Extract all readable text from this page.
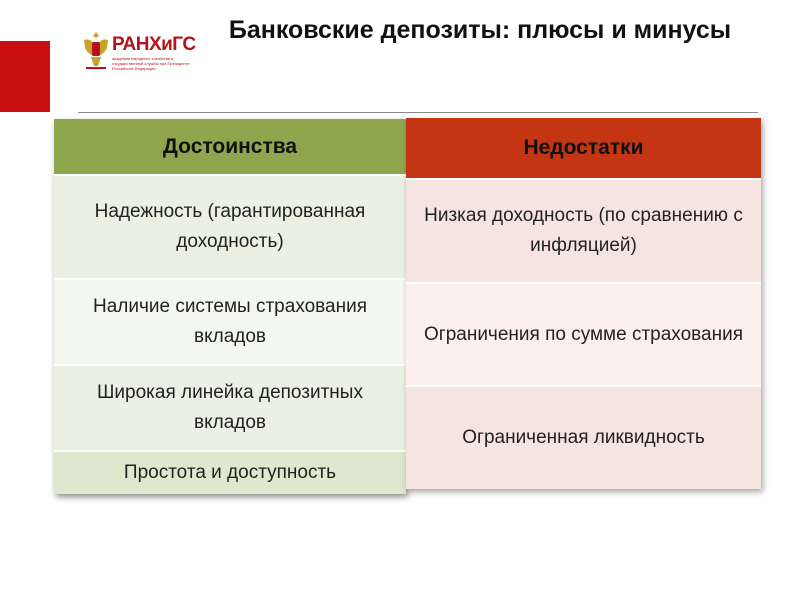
РАНХиГС
академия народного хозяйства и государственной службы при Президенте Российской Федерации
Банковские депозиты: плюсы и минусы
Достоинства
Надежность (гарантированная доходность)
Наличие системы страхования вкладов
Широкая линейка депозитных вкладов
Простота и доступность
Недостатки
Низкая доходность (по сравнению с инфляцией)
Ограничения по сумме страхования
Ограниченная ликвидность
